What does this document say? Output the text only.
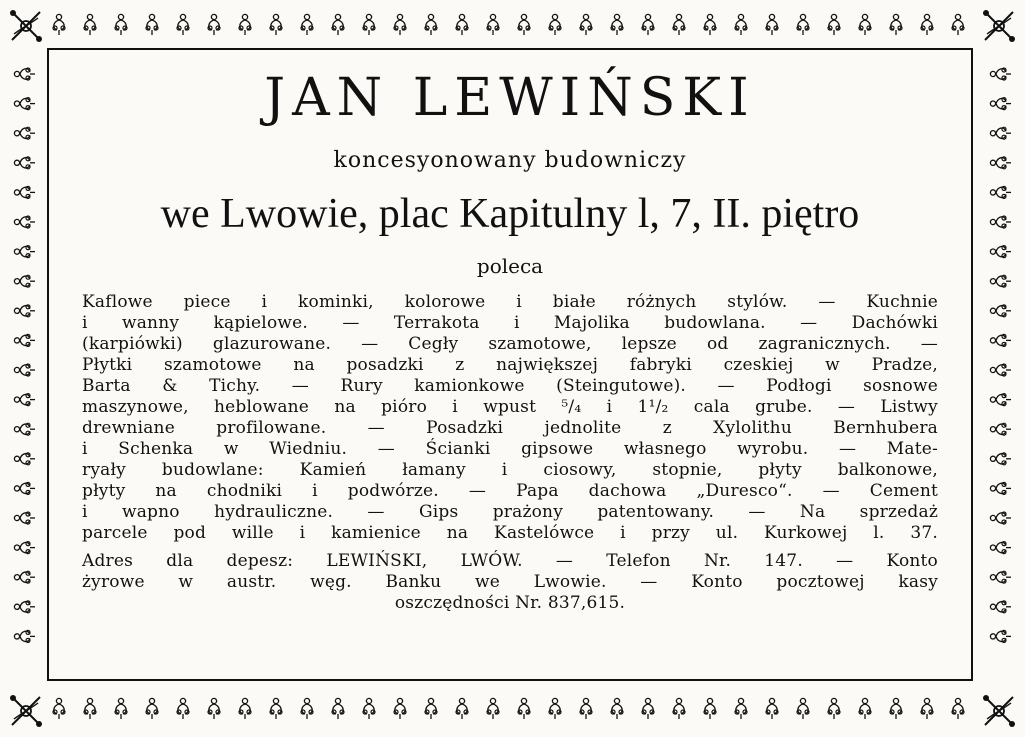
JAN LEWIŃSKI

koncesyonowany budowniczy

we Lwowie, plac Kapitulny l, 7, II. piętro

poleca

Kaflowe piece i kominki, kolorowe i białe różnych stylów. — Kuchnie
i wanny kąpielowe. — Terrakota i Majolika budowlana. — Dachówki
(karpiówki) glazurowane. — Cegły szamotowe, lepsze od zagranicznych. —
Płytki szamotowe na posadzki z największej fabryki czeskiej w Pradze,
Barta & Tichy. — Rury kamionkowe (Steingutowe). — Podłogi sosnowe
maszynowe, heblowane na pióro i wpust ⁵/₄ i 1¹/₂ cala grube. — Listwy
drewniane profilowane. — Posadzki jednolite z Xylolithu Bernhubera
i Schenka w Wiedniu. — Ścianki gipsowe własnego wyrobu. — Mate-
ryały budowlane: Kamień łamany i ciosowy, stopnie, płyty balkonowe,
płyty na chodniki i podwórze. — Papa dachowa „Duresco“. — Cement
i wapno hydrauliczne. — Gips prażony patentowany. — Na sprzedaż
parcele pod wille i kamienice na Kastelówce i przy ul. Kurkowej l. 37.
Adres dla depesz: LEWIŃSKI, LWÓW. — Telefon Nr. 147. — Konto
żyrowe w austr. węg. Banku we Lwowie. — Konto pocztowej kasy
oszczędności Nr. 837,615.
